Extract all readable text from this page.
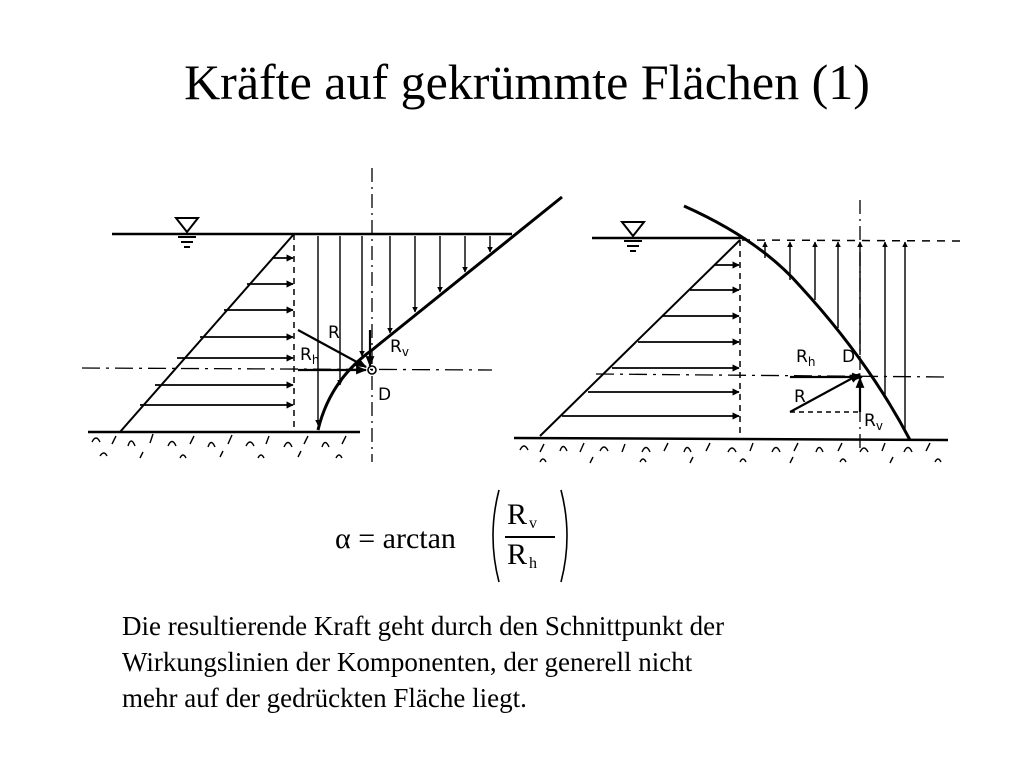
Kräfte auf gekrümmte Flächen (1)
R
$R_h$
$R_v$
D
$R_h$ D
R
$R_v$
α = arctan
R $_v$
R $_h$
Die resultierende Kraft geht durch den Schnittpunkt der
Wirkungslinien der Komponenten, der generell nicht
mehr auf der gedrückten Fläche liegt.
